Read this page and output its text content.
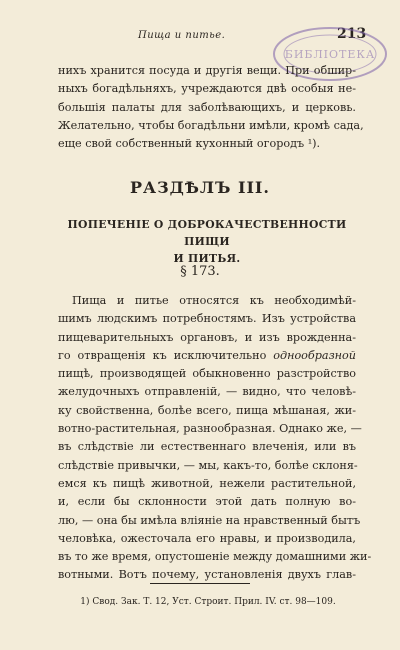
Пища и питье.	213
БИБЛІОТЕКА
нихъ хранится посуда и другія вещи. При обшир-
ныхъ богадѣльняхъ, учреждаются двѣ особыя не-
большія палаты для заболѣвающихъ, и церковь.
Желательно, чтобы богадѣльни имѣли, кромѣ сада,
еще свой собственный кухонный огородъ ¹).
РАЗДѢЛЪ III.
ПОПЕЧЕНІЕ О ДОБРОКАЧЕСТВЕННОСТИ ПИЩИ
И ПИТЬЯ.
§ 173.
Пища и питье относятся къ необходимѣй-
шимъ людскимъ потребностямъ. Изъ устройства
пищеварительныхъ органовъ, и изъ врожденна-
го отвращенія къ исключительно однообразной
пищѣ, производящей обыкновенно разстройство
желудочныхъ отправленій, — видно, что человѣ-
ку свойственна, болѣе всего, пища мѣшаная, жи-
вотно-растительная, разнообразная. Однако же, —
въ слѣдствіе ли естественнаго влеченія, или въ
слѣдствіе привычки, — мы, какъ-то, болѣе склоня-
емся къ пищѣ животной, нежели растительной,
и, если бы склонности этой дать полную во-
лю, — она бы имѣла вліяніе на нравственный бытъ
человѣка, ожесточала его нравы, и производила,
въ то же время, опустошеніе между домашними жи-
вотными. Вотъ почему, установленія двухъ глав-
1) Свод. Зак. Т. 12, Уст. Строит. Прил. IV. ст. 98—109.
